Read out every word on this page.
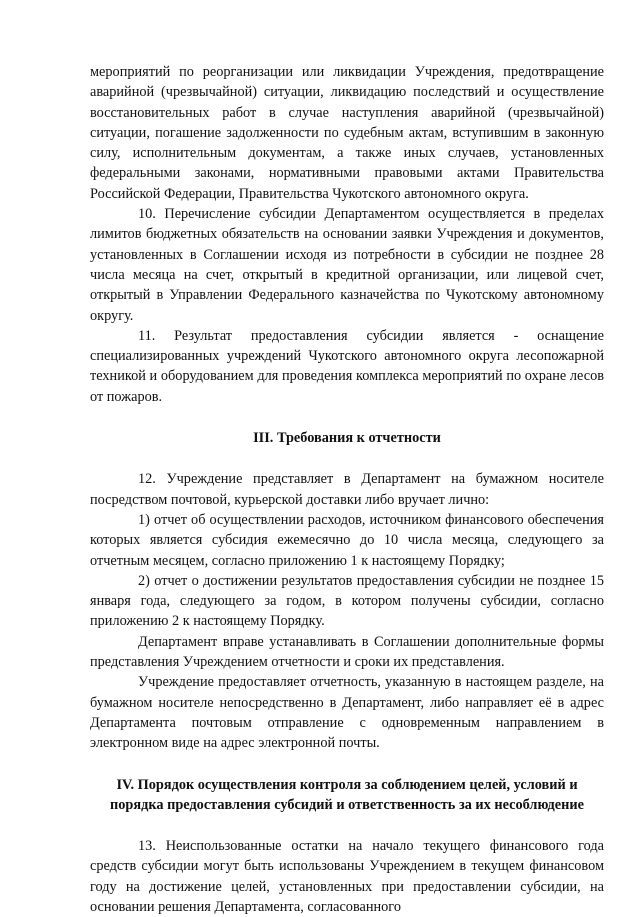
мероприятий по реорганизации или ликвидации Учреждения, предотвращение аварийной (чрезвычайной) ситуации, ликвидацию последствий и осуществление восстановительных работ в случае наступления аварийной (чрезвычайной) ситуации, погашение задолженности по судебным актам, вступившим в законную силу, исполнительным документам, а также иных случаев, установленных федеральными законами, нормативными правовыми актами Правительства Российской Федерации, Правительства Чукотского автономного округа.

10. Перечисление субсидии Департаментом осуществляется в пределах лимитов бюджетных обязательств на основании заявки Учреждения и документов, установленных в Соглашении исходя из потребности в субсидии не позднее 28 числа месяца на счет, открытый в кредитной организации, или лицевой счет, открытый в Управлении Федерального казначейства по Чукотскому автономному округу.

11. Результат предоставления субсидии является - оснащение специализированных учреждений Чукотского автономного округа лесопожарной техникой и оборудованием для проведения комплекса мероприятий по охране лесов от пожаров.

III. Требования к отчетности

12. Учреждение представляет в Департамент на бумажном носителе посредством почтовой, курьерской доставки либо вручает лично:

1) отчет об осуществлении расходов, источником финансового обеспечения которых является субсидия ежемесячно до 10 числа месяца, следующего за отчетным месяцем, согласно приложению 1 к настоящему Порядку;

2) отчет о достижении результатов предоставления субсидии не позднее 15 января года, следующего за годом, в котором получены субсидии, согласно приложению 2 к настоящему Порядку.

Департамент вправе устанавливать в Соглашении дополнительные формы представления Учреждением отчетности и сроки их представления.

Учреждение предоставляет отчетность, указанную в настоящем разделе, на бумажном носителе непосредственно в Департамент, либо направляет её в адрес Департамента почтовым отправление с одновременным направлением в электронном виде на адрес электронной почты.

IV. Порядок осуществления контроля за соблюдением целей, условий и порядка предоставления субсидий и ответственность за их несоблюдение

13. Неиспользованные остатки на начало текущего финансового года средств субсидии могут быть использованы Учреждением в текущем финансовом году на достижение целей, установленных при предоставлении субсидии, на основании решения Департамента, согласованного
